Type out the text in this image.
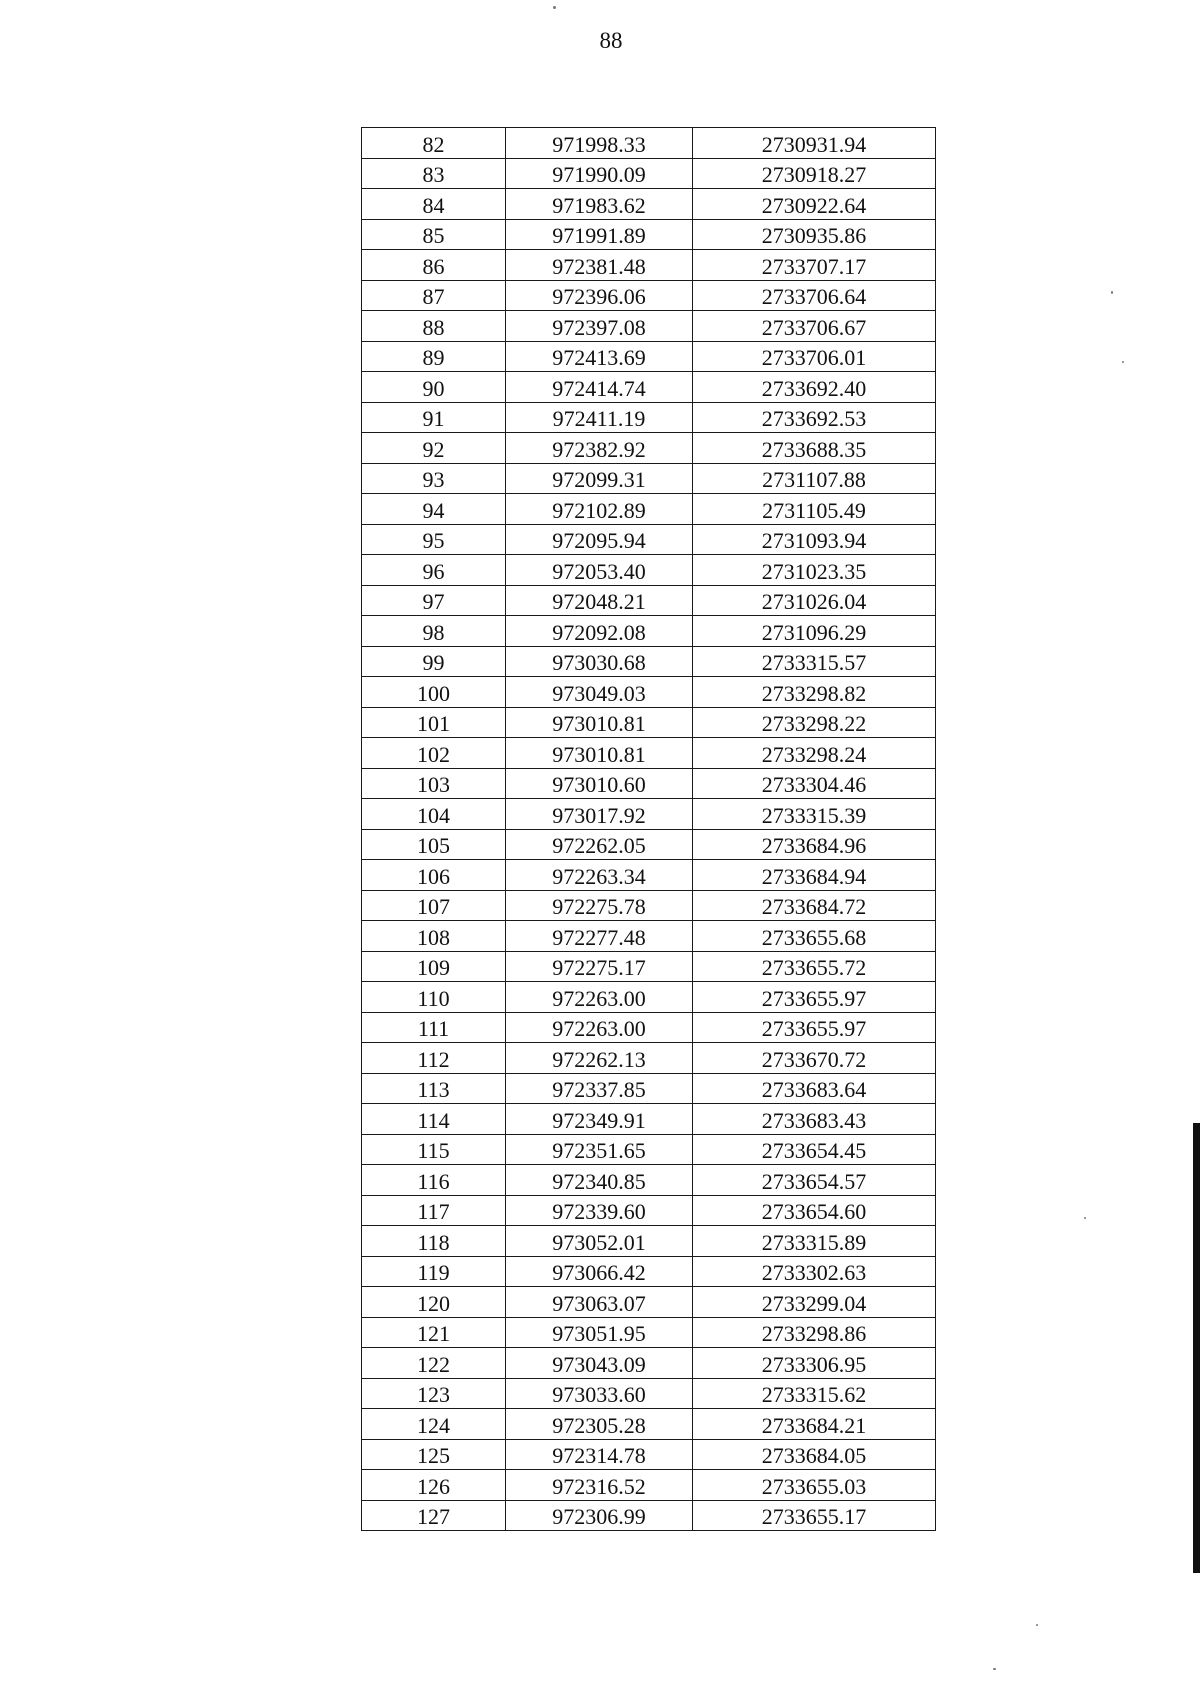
88
82	971998.33	2730931.94
83	971990.09	2730918.27
84	971983.62	2730922.64
85	971991.89	2730935.86
86	972381.48	2733707.17
87	972396.06	2733706.64
88	972397.08	2733706.67
89	972413.69	2733706.01
90	972414.74	2733692.40
91	972411.19	2733692.53
92	972382.92	2733688.35
93	972099.31	2731107.88
94	972102.89	2731105.49
95	972095.94	2731093.94
96	972053.40	2731023.35
97	972048.21	2731026.04
98	972092.08	2731096.29
99	973030.68	2733315.57
100	973049.03	2733298.82
101	973010.81	2733298.22
102	973010.81	2733298.24
103	973010.60	2733304.46
104	973017.92	2733315.39
105	972262.05	2733684.96
106	972263.34	2733684.94
107	972275.78	2733684.72
108	972277.48	2733655.68
109	972275.17	2733655.72
110	972263.00	2733655.97
111	972263.00	2733655.97
112	972262.13	2733670.72
113	972337.85	2733683.64
114	972349.91	2733683.43
115	972351.65	2733654.45
116	972340.85	2733654.57
117	972339.60	2733654.60
118	973052.01	2733315.89
119	973066.42	2733302.63
120	973063.07	2733299.04
121	973051.95	2733298.86
122	973043.09	2733306.95
123	973033.60	2733315.62
124	972305.28	2733684.21
125	972314.78	2733684.05
126	972316.52	2733655.03
127	972306.99	2733655.17
